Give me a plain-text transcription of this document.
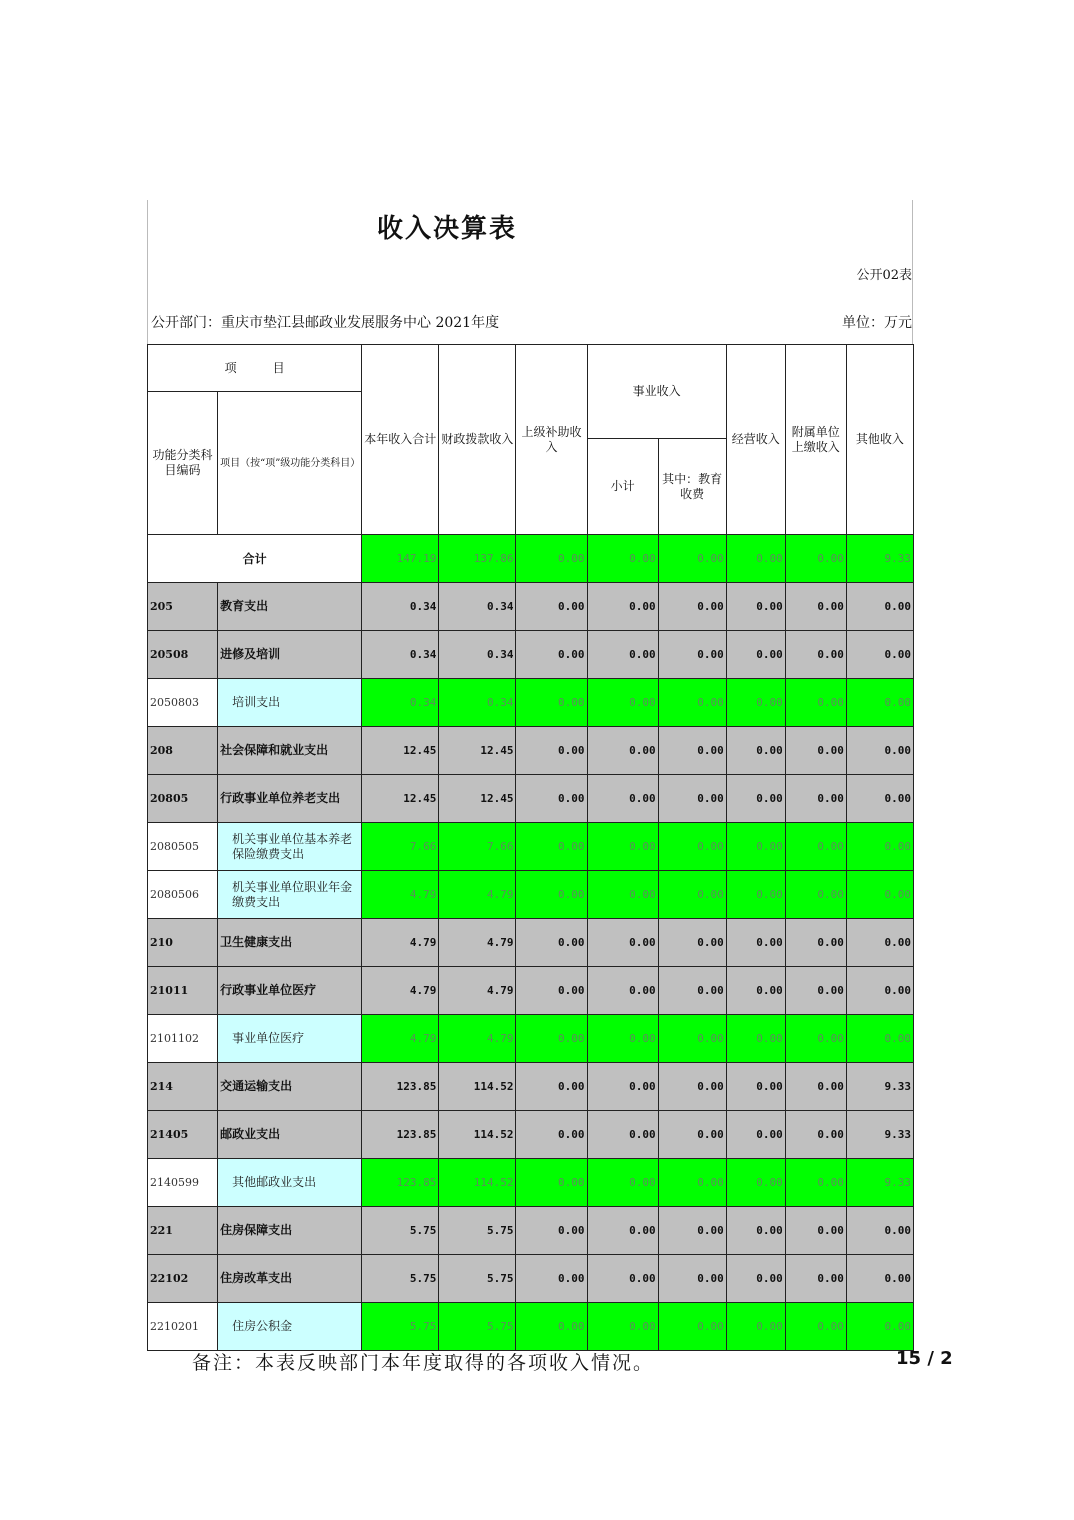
收入决算表
公开02表
公开部门：重庆市垫江县邮政业发展服务中心 2021年度	单位：万元
项　　　目		本年收入合计	财政拨款收入	上级补助收入	事业收入		经营收入	附属单位上缴收入	其他收入
功能分类科目编码	项目（按“项”级功能分类科目）								
					小计	其中：教育收费			
合计		147.19	137.86	0.00	0.00	0.00	0.00	0.00	9.33
205	教育支出	0.34	0.34	0.00	0.00	0.00	0.00	0.00	0.00
20508	进修及培训	0.34	0.34	0.00	0.00	0.00	0.00	0.00	0.00
2050803	培训支出	0.34	0.34	0.00	0.00	0.00	0.00	0.00	0.00
208	社会保障和就业支出	12.45	12.45	0.00	0.00	0.00	0.00	0.00	0.00
20805	行政事业单位养老支出	12.45	12.45	0.00	0.00	0.00	0.00	0.00	0.00
2080505	机关事业单位基本养老保险缴费支出	7.66	7.66	0.00	0.00	0.00	0.00	0.00	0.00
2080506	机关事业单位职业年金缴费支出	4.79	4.79	0.00	0.00	0.00	0.00	0.00	0.00
210	卫生健康支出	4.79	4.79	0.00	0.00	0.00	0.00	0.00	0.00
21011	行政事业单位医疗	4.79	4.79	0.00	0.00	0.00	0.00	0.00	0.00
2101102	事业单位医疗	4.79	4.79	0.00	0.00	0.00	0.00	0.00	0.00
214	交通运输支出	123.85	114.52	0.00	0.00	0.00	0.00	0.00	9.33
21405	邮政业支出	123.85	114.52	0.00	0.00	0.00	0.00	0.00	9.33
2140599	其他邮政业支出	123.85	114.52	0.00	0.00	0.00	0.00	0.00	9.33
221	住房保障支出	5.75	5.75	0.00	0.00	0.00	0.00	0.00	0.00
22102	住房改革支出	5.75	5.75	0.00	0.00	0.00	0.00	0.00	0.00
2210201	住房公积金	5.75	5.75	0.00	0.00	0.00	0.00	0.00	0.00
备注：本表反映部门本年度取得的各项收入情况。	15 / 2
